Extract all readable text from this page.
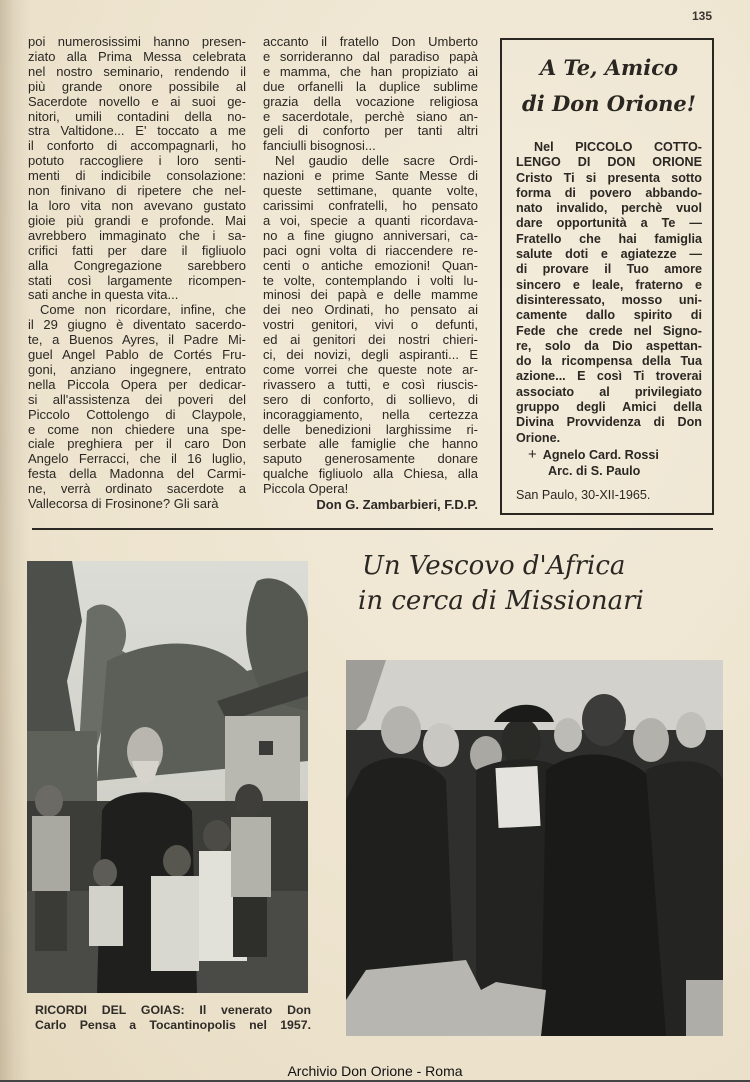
135
poi numerosissimi hanno presen-
ziato alla Prima Messa celebrata
nel nostro seminario, rendendo il
più grande onore possibile al
Sacerdote novello e ai suoi ge-
nitori, umili contadini della no-
stra Valtidone... E' toccato a me
il conforto di accompagnarli, ho
potuto raccogliere i loro senti-
menti di indicibile consolazione:
non finivano di ripetere che nel-
la loro vita non avevano gustato
gioie più grandi e profonde. Mai
avrebbero immaginato che i sa-
crifici fatti per dare il figliuolo
alla Congregazione sarebbero
stati così largamente ricompen-
sati anche in questa vita...
Come non ricordare, infine, che
il 29 giugno è diventato sacerdo-
te, a Buenos Ayres, il Padre Mi-
guel Angel Pablo de Cortés Fru-
goni, anziano ingegnere, entrato
nella Piccola Opera per dedicar-
si all'assistenza dei poveri del
Piccolo Cottolengo di Claypole,
e come non chiedere una spe-
ciale preghiera per il caro Don
Angelo Ferracci, che il 16 luglio,
festa della Madonna del Carmi-
ne, verrà ordinato sacerdote a
Vallecorsa di Frosinone? Gli sarà
accanto il fratello Don Umberto
e sorrideranno dal paradiso papà
e mamma, che han propiziato ai
due orfanelli la duplice sublime
grazia della vocazione religiosa
e sacerdotale, perchè siano an-
geli di conforto per tanti altri
fanciulli bisognosi...
Nel gaudio delle sacre Ordi-
nazioni e prime Sante Messe di
queste settimane, quante volte,
carissimi confratelli, ho pensato
a voi, specie a quanti ricordava-
no a fine giugno anniversari, ca-
paci ogni volta di riaccendere re-
centi o antiche emozioni! Quan-
te volte, contemplando i volti lu-
minosi dei papà e delle mamme
dei neo Ordinati, ho pensato ai
vostri genitori, vivi o defunti,
ed ai genitori dei nostri chieri-
ci, dei novizi, degli aspiranti... E
come vorrei che queste note ar-
rivassero a tutti, e così riuscis-
sero di conforto, di sollievo, di
incoraggiamento, nella certezza
delle benedizioni larghissime ri-
serbate alle famiglie che hanno
saputo generosamente donare
qualche figliuolo alla Chiesa, alla
Piccola Opera!
Don G. Zambarbieri, F.D.P.
A Te, Amico
di Don Orione!
Nel PICCOLO COTTO-
LENGO DI DON ORIONE
Cristo Ti si presenta sotto
forma di povero abbando-
nato invalido, perchè vuol
dare opportunità a Te —
Fratello che hai famiglia
salute doti e agiatezze —
di provare il Tuo amore
sincero e leale, fraterno e
disinteressato, mosso uni-
camente dallo spirito di
Fede che crede nel Signo-
re, solo da Dio aspettan-
do la ricompensa della Tua
azione... E così Ti troverai
associato al privilegiato
gruppo degli Amici della
Divina Provvidenza di Don
Orione.
+ Agnelo Card. Rossi
Arc. di S. Paulo
San Paulo, 30-XII-1965.
Un Vescovo d'Africa
in cerca di Missionari
RICORDI DEL GOIAS: Il venerato Don
Carlo Pensa a Tocantinopolis nel 1957.
Archivio Don Orione - Roma
